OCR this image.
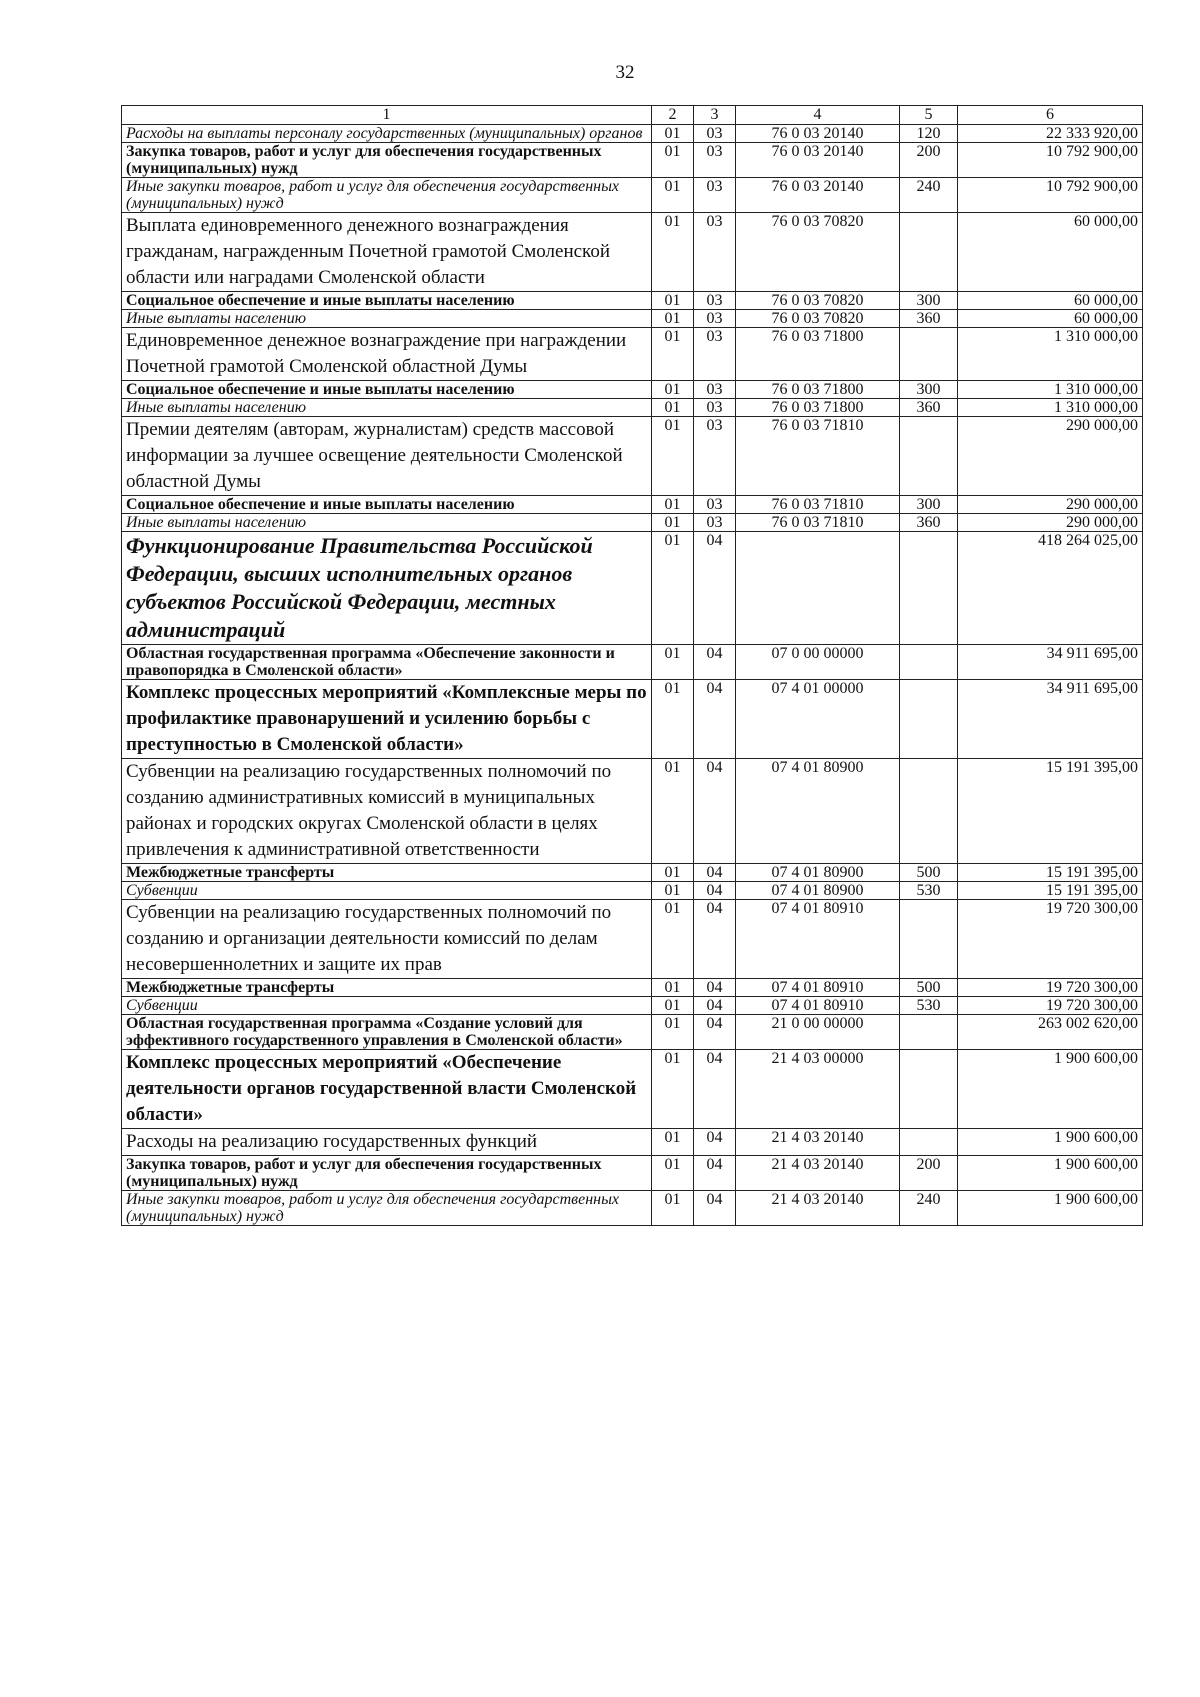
32
1	2	3	4	5	6
Расходы на выплаты персоналу государственных (муниципальных) органов	01	03	76 0 03 20140	120	22 333 920,00
Закупка товаров, работ и услуг для обеспечения государственных (муниципальных) нужд	01	03	76 0 03 20140	200	10 792 900,00
Иные закупки товаров, работ и услуг для обеспечения государственных (муниципальных) нужд	01	03	76 0 03 20140	240	10 792 900,00
Выплата единовременного денежного вознаграждения гражданам, награжденным Почетной грамотой Смоленской области или наградами Смоленской области	01	03	76 0 03 70820		60 000,00
Социальное обеспечение и иные выплаты населению	01	03	76 0 03 70820	300	60 000,00
Иные выплаты населению	01	03	76 0 03 70820	360	60 000,00
Единовременное денежное вознаграждение при награждении Почетной грамотой Смоленской областной Думы	01	03	76 0 03 71800		1 310 000,00
Социальное обеспечение и иные выплаты населению	01	03	76 0 03 71800	300	1 310 000,00
Иные выплаты населению	01	03	76 0 03 71800	360	1 310 000,00
Премии деятелям (авторам, журналистам) средств массовой информации за лучшее освещение деятельности Смоленской областной Думы	01	03	76 0 03 71810		290 000,00
Социальное обеспечение и иные выплаты населению	01	03	76 0 03 71810	300	290 000,00
Иные выплаты населению	01	03	76 0 03 71810	360	290 000,00
Функционирование Правительства Российской Федерации, высших исполнительных органов субъектов Российской Федерации, местных администраций	01	04			418 264 025,00
Областная государственная программа «Обеспечение законности и правопорядка в Смоленской области»	01	04	07 0 00 00000		34 911 695,00
Комплекс процессных мероприятий «Комплексные меры по профилактике правонарушений и усилению борьбы с преступностью в Смоленской области»	01	04	07 4 01 00000		34 911 695,00
Субвенции на реализацию государственных полномочий по созданию административных комиссий в муниципальных районах и городских округах Смоленской области в целях привлечения к административной ответственности	01	04	07 4 01 80900		15 191 395,00
Межбюджетные трансферты	01	04	07 4 01 80900	500	15 191 395,00
Субвенции	01	04	07 4 01 80900	530	15 191 395,00
Субвенции на реализацию государственных полномочий по созданию и организации деятельности комиссий по делам несовершеннолетних и защите их прав	01	04	07 4 01 80910		19 720 300,00
Межбюджетные трансферты	01	04	07 4 01 80910	500	19 720 300,00
Субвенции	01	04	07 4 01 80910	530	19 720 300,00
Областная государственная программа «Создание условий для эффективного государственного управления в Смоленской области»	01	04	21 0 00 00000		263 002 620,00
Комплекс процессных мероприятий «Обеспечение деятельности органов государственной власти Смоленской области»	01	04	21 4 03 00000		1 900 600,00
Расходы на реализацию государственных функций	01	04	21 4 03 20140		1 900 600,00
Закупка товаров, работ и услуг для обеспечения государственных (муниципальных) нужд	01	04	21 4 03 20140	200	1 900 600,00
Иные закупки товаров, работ и услуг для обеспечения государственных (муниципальных) нужд	01	04	21 4 03 20140	240	1 900 600,00
